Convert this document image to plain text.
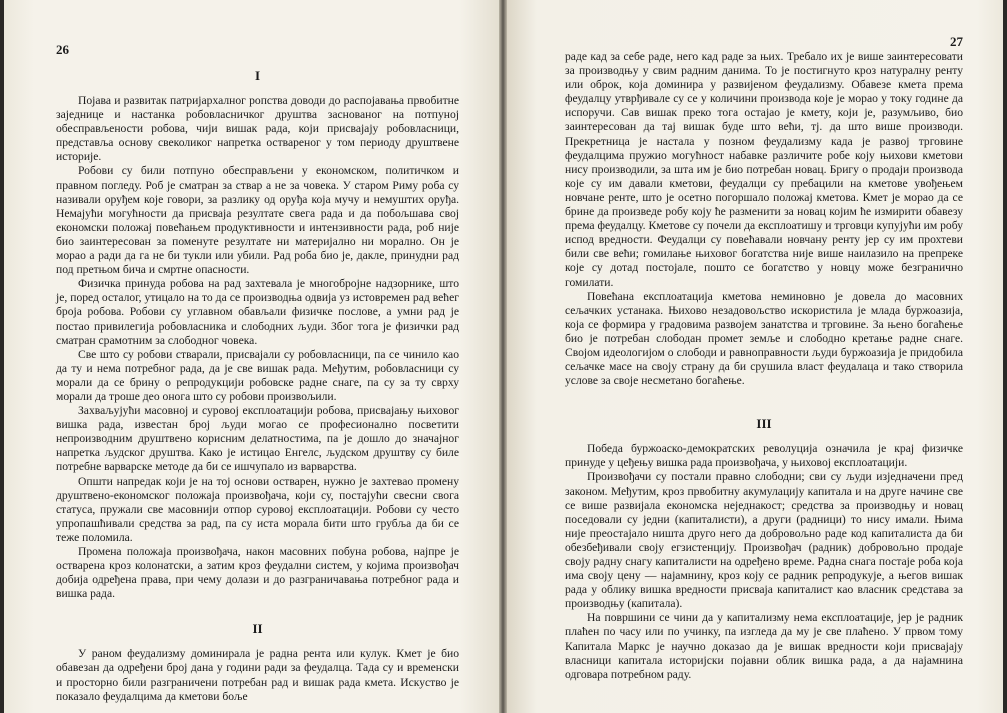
26
I

Појава и развитак патријархалног ропства доводи до распојавања првобитне заједнице и настанка робовласничког друштва заснованог на потпуној обесправљености робова, чији вишак рада, који присвајају робовласници, представља основу свеколиког напретка оствареног у том периоду друштвене историје.

Робови су били потпуно обесправљени у економском, политичком и правном погледу. Роб је сматран за ствар а не за човека. У старом Риму роба су називали оруђем које говори, за разлику од оруђа која мучу и немуштих оруђа. Немајући могућности да присвајa резултате свега рада и да побољшава свој економски положај повећањем продуктивности и интензивности рада, роб није био заинтересован за поменуте резултате ни материјално ни морално. Он је морао а ради да га не би тукли или убили. Рад роба био је, дакле, принудни рад под претњом бича и смртне опасности.

Физичка принуда робова на рад захтевала је многобројне надзорнике, што је, поред осталог, утицало на то да се производња одвија уз истовремен рад већег броја робова. Робови су углавном обављали физичке послове, а умни рад је постао привилегија робовласника и слободних људи. Због тога је физички рад сматран срамотним за слободног човека.

Све што су робови стварали, присвајали су робовласници, па се чинило као да ту и нема потребног рада, да је све вишак рада. Међутим, робовласници су морали да се брину о репродукцији робовске радне снаге, па су за ту сврху морали да троше део онога што су робови произвољили.

Захваљујући масовној и суровој експлоатацији робова, присвајању њиховог вишка рада, известан број људи могао се професионално посветити непроизводним друштвено корисним делатностима, па је дошло до значајног напретка људског друштва. Како је истицао Енгелс, људском друштву су биле потребне варварске методе да би се ишчупало из варварства.

Општи напредак који је на тој основи остварен, нужно је захтевао промену друштвено-економског положаја произвођача, који су, постајући свесни свога статуса, пружали све масовнији отпор суровој експлоатацији. Робови су често упропашћивали средства за рад, па су иста морала бити што грубља да би се теже поломила.

Промена положаја произвођача, након масовних побуна робова, најпре је остварена кроз колонатски, а затим кроз феудални систем, у којима произвођач добија одређена права, при чему долази и до разграничавања потребног рада и вишка рада.

II

У раном феудализму доминирала је радна рента или кулук. Кмет је био обавезан да одређени број дана у години ради за феудалца. Тада су и временски и просторно били разграничени потребан рад и вишак рада кмета. Искуство је показало феудалцима да кметови боље

27

раде кад за себе раде, него кад раде за њих. Требало их је више заинтересовати за производњу у свим радним данима. То је постигнуто кроз натуралну ренту или оброк, која доминира у развијеном феудализму. Обавезе кмета према феудалцу утврђивале су се у количини производа које је морао у току године да испоручи. Сав вишак преко тога остајао је кмету, који је, разумљиво, био заинтересован да тај вишак буде што већи, тј. да што више производи. Прекретница је настала у позном феудализму када је развој трговине феудалцима пружио могућност набавке различите робе коју њихови кметови нису производили, за шта им је био потребан новац. Бригу о продаји производа које су им давали кметови, феудалци су пребацили на кметове увођењем новчане ренте, што је осетно погоршало положај кметова. Кмет је морао да се брине да произведе робу коју ће разменити за новац којим ће измирити обавезу према феудалцу. Кметове су почели да експлоатишу и трговци купујући им робу испод вредности. Феудалци су повећавали новчану ренту јер су им прохтеви били све већи; гомилање њиховог богатства није више наилазило на препреке које су дотад постојале, пошто се богатство у новцу може безгранично гомилати.

Повећана експлоатација кметова неминовно је довела до масовних сељачких устанака. Њихово незадовољство искористила је млада буржоазија, која се формира у градовима развојем занатства и трговине. За њено богаћење био је потребан слободан промет земље и слободно кретање радне снаге. Својом идеологијом о слободи и равноправности људи буржоазија је придобила сељачке масе на своју страну да би срушила власт феудалаца и тако створила услове за своје несметано богаћење.

III

Победа буржоаско-демократских револуција означила је крај физичке принуде у цеђењу вишка рада произвођача, у њиховој експлоатацији.

Произвођачи су постали правно слободни; сви су људи изједначени пред законом. Међутим, кроз првобитну акумулацију капитала и на друге начине све се више развијала економска неједнакост; средства за производњу и новац поседовали су једни (капиталисти), а други (радници) то нису имали. Њима није преостајало ништа друго него да добровољно раде код капиталиста да би обезбеђивали своју егзистенцију. Произвођач (радник) добровољно продаје своју радну снагу капиталисти на одређено време. Радна снага постаје роба која има своју цену — најамнину, кроз коју се радник репродукује, а његов вишак рада у облику вишка вредности присваја капиталист као власник средстава за производњу (капитала).

На површини се чини да у капитализму нема експлоатације, јер је радник плаћен по часу или по учинку, па изгледа да му је све плаћено. У првом тому Капитала Маркс је научно доказао да је вишак вредности који присвајају власници капитала историјски појавни облик вишка рада, а да најамнина одговара потребном раду.
